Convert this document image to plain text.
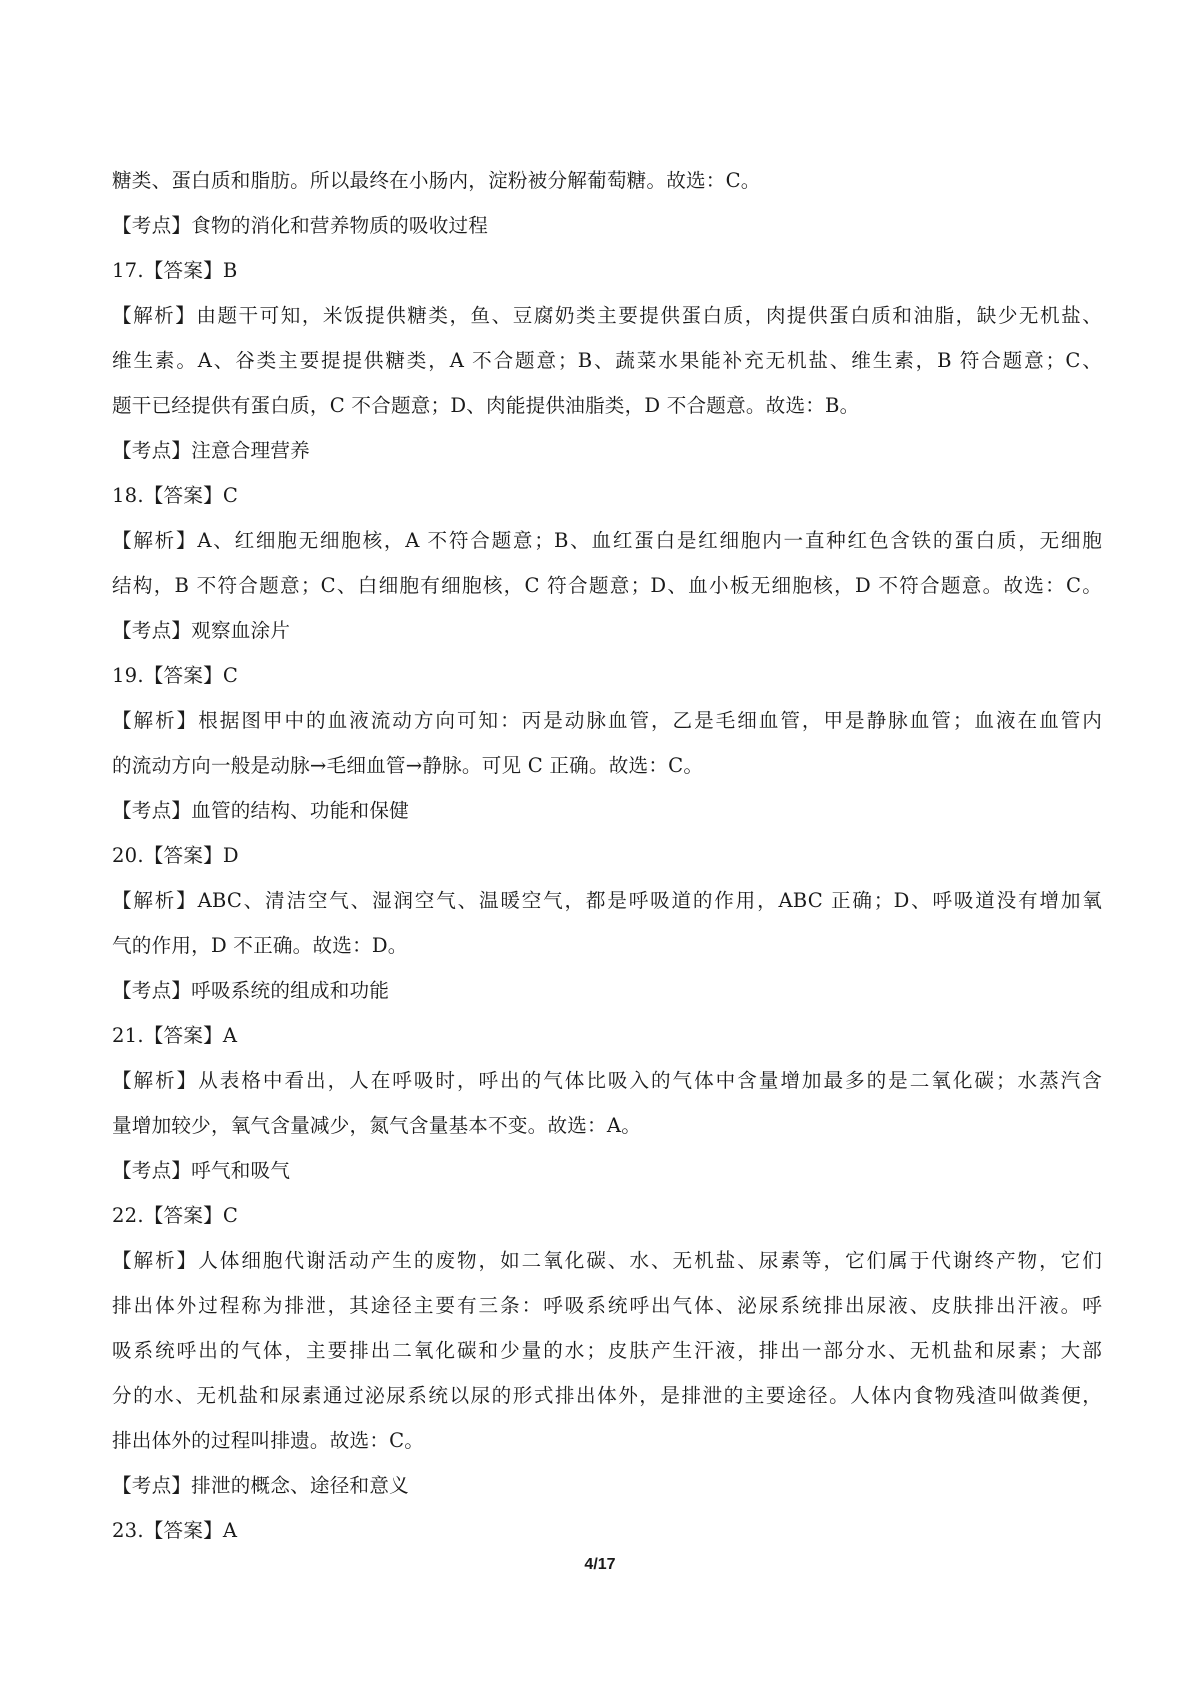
糖类、蛋白质和脂肪。所以最终在小肠内，淀粉被分解葡萄糖。故选：C。
【考点】食物的消化和营养物质的吸收过程
17.【答案】B
【解析】由题干可知，米饭提供糖类，鱼、豆腐奶类主要提供蛋白质，肉提供蛋白质和油脂，缺少无机盐、
维生素。A、谷类主要提提供糖类，A 不合题意；B、蔬菜水果能补充无机盐、维生素，B 符合题意；C、
题干已经提供有蛋白质，C 不合题意；D、肉能提供油脂类，D 不合题意。故选：B。
【考点】注意合理营养
18.【答案】C
【解析】A、红细胞无细胞核，A 不符合题意；B、血红蛋白是红细胞内一直种红色含铁的蛋白质，无细胞
结构，B 不符合题意；C、白细胞有细胞核，C 符合题意；D、血小板无细胞核，D 不符合题意。故选：C。
【考点】观察血涂片
19.【答案】C
【解析】根据图甲中的血液流动方向可知：丙是动脉血管，乙是毛细血管，甲是静脉血管；血液在血管内
的流动方向一般是动脉→毛细血管→静脉。可见 C 正确。故选：C。
【考点】血管的结构、功能和保健
20.【答案】D
【解析】ABC、清洁空气、湿润空气、温暖空气，都是呼吸道的作用，ABC 正确；D、呼吸道没有增加氧
气的作用，D 不正确。故选：D。
【考点】呼吸系统的组成和功能
21.【答案】A
【解析】从表格中看出，人在呼吸时，呼出的气体比吸入的气体中含量增加最多的是二氧化碳；水蒸汽含
量增加较少，氧气含量减少，氮气含量基本不变。故选：A。
【考点】呼气和吸气
22.【答案】C
【解析】人体细胞代谢活动产生的废物，如二氧化碳、水、无机盐、尿素等，它们属于代谢终产物，它们
排出体外过程称为排泄，其途径主要有三条：呼吸系统呼出气体、泌尿系统排出尿液、皮肤排出汗液。呼
吸系统呼出的气体，主要排出二氧化碳和少量的水；皮肤产生汗液，排出一部分水、无机盐和尿素；大部
分的水、无机盐和尿素通过泌尿系统以尿的形式排出体外，是排泄的主要途径。人体内食物残渣叫做粪便，
排出体外的过程叫排遗。故选：C。
【考点】排泄的概念、途径和意义
23.【答案】A
4/17
